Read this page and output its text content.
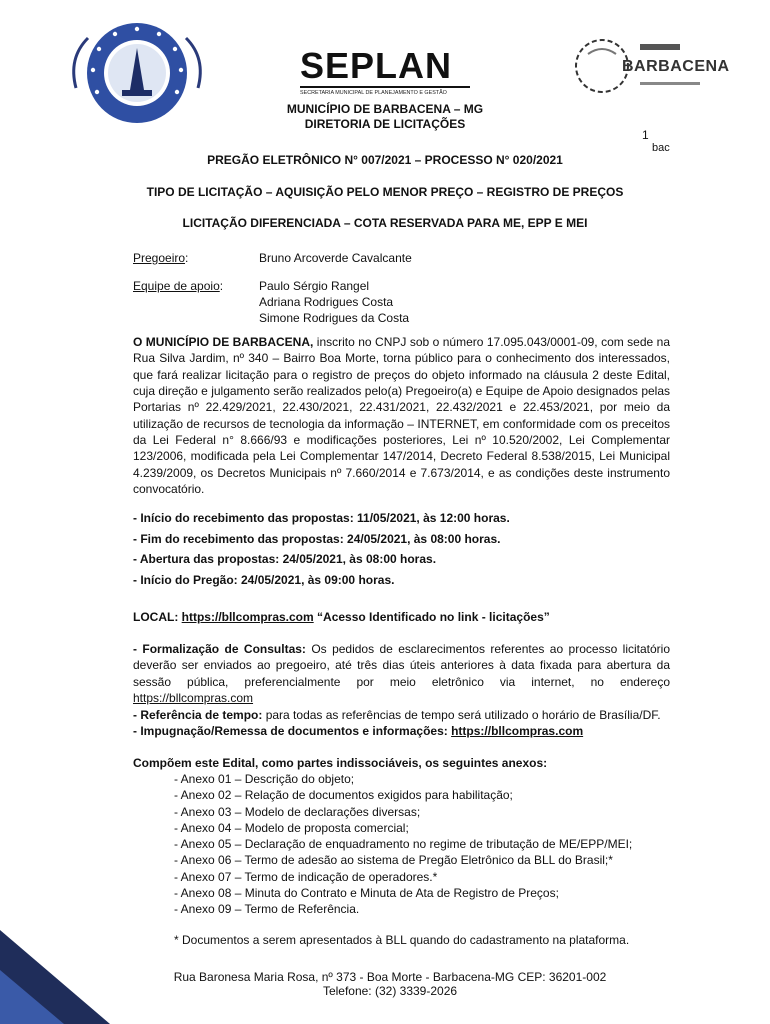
SEPLAN
SECRETARIA MUNICIPAL DE PLANEJAMENTO E GESTÃO
BARBACENA
MUNICÍPIO DE BARBACENA – MG
DIRETORIA DE LICITAÇÕES
1
bac
PREGÃO ELETRÔNICO N° 007/2021 – PROCESSO N° 020/2021
TIPO DE LICITAÇÃO – AQUISIÇÃO PELO MENOR PREÇO – REGISTRO DE PREÇOS
LICITAÇÃO DIFERENCIADA – COTA RESERVADA PARA ME, EPP E MEI
Pregoeiro:	Bruno Arcoverde Cavalcante
Equipe de apoio:	Paulo Sérgio Rangel
Adriana Rodrigues Costa
Simone Rodrigues da Costa
O MUNICÍPIO DE BARBACENA, inscrito no CNPJ sob o número 17.095.043/0001-09, com sede na Rua Silva Jardim, nº 340 – Bairro Boa Morte, torna público para o conhecimento dos interessados, que fará realizar licitação para o registro de preços do objeto informado na cláusula 2 deste Edital, cuja direção e julgamento serão realizados pelo(a) Pregoeiro(a) e Equipe de Apoio designados pelas Portarias nº 22.429/2021, 22.430/2021, 22.431/2021, 22.432/2021 e 22.453/2021, por meio da utilização de recursos de tecnologia da informação – INTERNET, em conformidade com os preceitos da Lei Federal n° 8.666/93 e modificações posteriores, Lei nº 10.520/2002, Lei Complementar 123/2006, modificada pela Lei Complementar 147/2014, Decreto Federal 8.538/2015, Lei Municipal 4.239/2009, os Decretos Municipais nº 7.660/2014 e 7.673/2014, e as condições deste instrumento convocatório.
- Início do recebimento das propostas: 11/05/2021, às 12:00 horas.
- Fim do recebimento das propostas: 24/05/2021, às 08:00 horas.
- Abertura das propostas: 24/05/2021, às 08:00 horas.
- Início do Pregão: 24/05/2021, às 09:00 horas.
LOCAL: https://bllcompras.com “Acesso Identificado no link - licitações”
- Formalização de Consultas: Os pedidos de esclarecimentos referentes ao processo licitatório deverão ser enviados ao pregoeiro, até três dias úteis anteriores à data fixada para abertura da sessão pública, preferencialmente por meio eletrônico via internet, no endereço https://bllcompras.com
- Referência de tempo: para todas as referências de tempo será utilizado o horário de Brasília/DF.
- Impugnação/Remessa de documentos e informações: https://bllcompras.com
Compõem este Edital, como partes indissociáveis, os seguintes anexos:
- Anexo 01 – Descrição do objeto;
- Anexo 02 – Relação de documentos exigidos para habilitação;
- Anexo 03 – Modelo de declarações diversas;
- Anexo 04 – Modelo de proposta comercial;
- Anexo 05 – Declaração de enquadramento no regime de tributação de ME/EPP/MEI;
- Anexo 06 – Termo de adesão ao sistema de Pregão Eletrônico da BLL do Brasil;*
- Anexo 07 – Termo de indicação de operadores.*
- Anexo 08 – Minuta do Contrato e Minuta de Ata de Registro de Preços;
- Anexo 09 – Termo de Referência.
* Documentos a serem apresentados à BLL quando do cadastramento na plataforma.
Rua Baronesa Maria Rosa, nº 373 - Boa Morte - Barbacena-MG CEP: 36201-002
Telefone: (32) 3339-2026
